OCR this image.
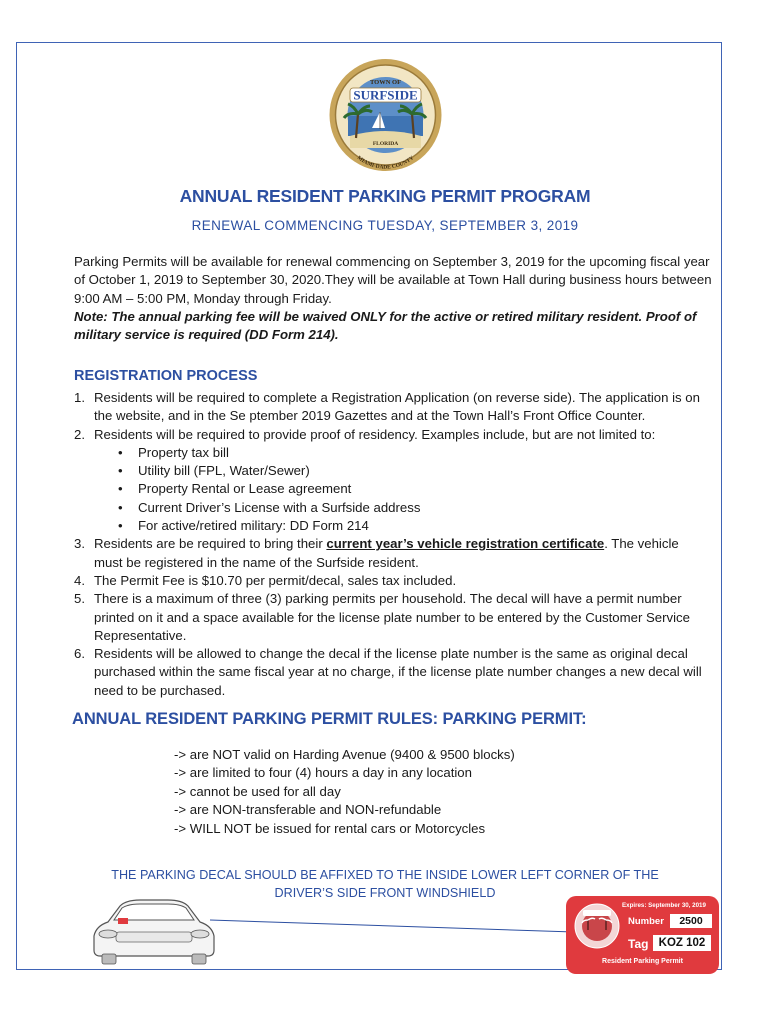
TOWN OF
SURFSIDE
FLORIDA
MIAMI-DADE COUNTY
ANNUAL RESIDENT PARKING PERMIT PROGRAM
RENEWAL COMMENCING TUESDAY, SEPTEMBER 3, 2019
Parking Permits will be available for renewal commencing on September 3, 2019 for the upcoming fiscal year of October 1, 2019 to September 30, 2020.They will be available at Town Hall during business hours between 9:00 AM – 5:00 PM, Monday through Friday.
Note: The annual parking fee will be waived ONLY for the active or retired military resident. Proof of military service is required (DD Form 214).
REGISTRATION PROCESS
1. Residents will be required to complete a Registration Application (on reverse side). The application is on the website, and in the Se ptember 2019 Gazettes and at the Town Hall’s Front Office Counter.
2. Residents will be required to provide proof of residency. Examples include, but are not limited to:
• Property tax bill
• Utility bill (FPL, Water/Sewer)
• Property Rental or Lease agreement
• Current Driver’s License with a Surfside address
• For active/retired military: DD Form 214
3. Residents are be required to bring their current year’s vehicle registration certificate. The vehicle must be registered in the name of the Surfside resident.
4. The Permit Fee is $10.70 per permit/decal, sales tax included.
5. There is a maximum of three (3) parking permits per household. The decal will have a permit number printed on it and a space available for the license plate number to be entered by the Customer Service Representative.
6. Residents will be allowed to change the decal if the license plate number is the same as original decal purchased within the same fiscal year at no charge, if the license plate number changes a new decal will need to be purchased.
ANNUAL RESIDENT PARKING PERMIT RULES: PARKING PERMIT:
-> are NOT valid on Harding Avenue (9400 & 9500 blocks)
-> are limited to four (4) hours a day in any location
-> cannot be used for all day
-> are NON-transferable and NON-refundable
-> WILL NOT be issued for rental cars or Motorcycles
THE PARKING DECAL SHOULD BE AFFIXED TO THE INSIDE LOWER LEFT CORNER OF THE
DRIVER’S SIDE FRONT WINDSHIELD
Expires: September 30, 2019
Number	2500
Tag KOZ 102
Resident Parking Permit
